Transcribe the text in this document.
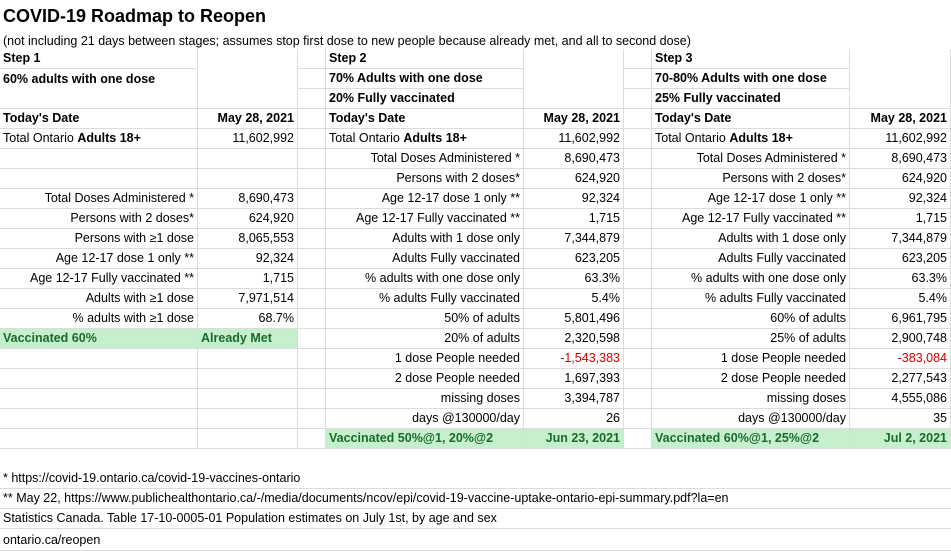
COVID-19 Roadmap to Reopen
(not including 21 days between stages; assumes stop first dose to new people because already met, and all to second dose)
Step 1
60% adults with one dose
Today's Date	May 28, 2021
Total Ontario Adults 18+	11,602,992
Total Doses Administered *	8,690,473
Persons with 2 doses*	624,920
Persons with ≥1 dose	8,065,553
Age 12-17 dose 1 only **	92,324
Age 12-17 Fully vaccinated **	1,715
Adults with ≥1 dose	7,971,514
% adults with ≥1 dose	68.7%
Vaccinated 60%	Already Met
Step 2
70% Adults with one dose
20% Fully vaccinated
Today's Date	May 28, 2021
Total Ontario Adults 18+	11,602,992
Total Doses Administered *	8,690,473
Persons with 2 doses*	624,920
Age 12-17 dose 1 only **	92,324
Age 12-17 Fully vaccinated **	1,715
Adults with 1 dose only	7,344,879
Adults Fully vaccinated	623,205
% adults with one dose only	63.3%
% adults Fully vaccinated	5.4%
50% of adults	5,801,496
20% of adults	2,320,598
1 dose People needed	-1,543,383
2 dose People needed	1,697,393
missing doses	3,394,787
days @130000/day	26
Vaccinated 50%@1, 20%@2	Jun 23, 2021
Step 3
70-80% Adults with one dose
25% Fully vaccinated
Today's Date	May 28, 2021
Total Ontario Adults 18+	11,602,992
Total Doses Administered *	8,690,473
Persons with 2 doses*	624,920
Age 12-17 dose 1 only **	92,324
Age 12-17 Fully vaccinated **	1,715
Adults with 1 dose only	7,344,879
Adults Fully vaccinated	623,205
% adults with one dose only	63.3%
% adults Fully vaccinated	5.4%
60% of adults	6,961,795
25% of adults	2,900,748
1 dose People needed	-383,084
2 dose People needed	2,277,543
missing doses	4,555,086
days @130000/day	35
Vaccinated 60%@1, 25%@2	Jul 2, 2021
* https://covid-19.ontario.ca/covid-19-vaccines-ontario
** May 22, https://www.publichealthontario.ca/-/media/documents/ncov/epi/covid-19-vaccine-uptake-ontario-epi-summary.pdf?la=en
Statistics Canada. Table 17-10-0005-01 Population estimates on July 1st, by age and sex
ontario.ca/reopen
